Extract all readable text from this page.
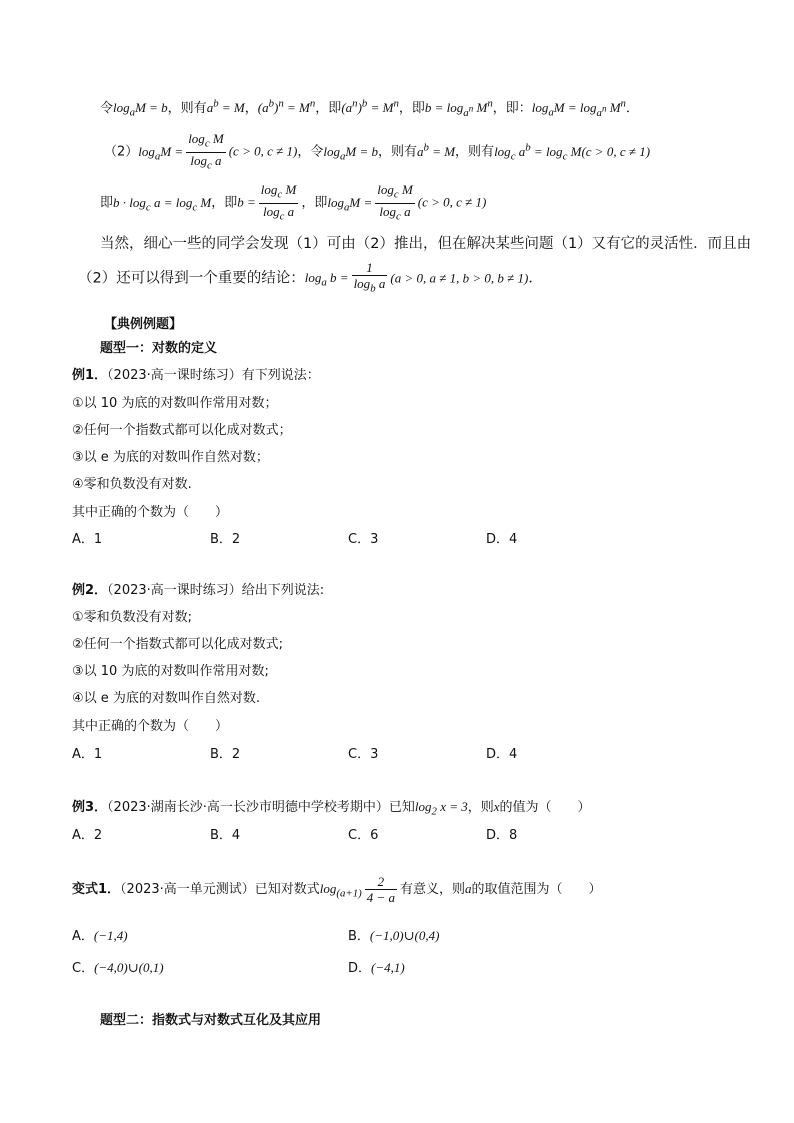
令$\log_aM = b$，则有$a^b = M$，$(a^b)^n = M^n$，即$(a^n)^b = M^n$，即$b = \log_{a^n} M^n$，即：$\log_aM = \log_{a^n} M^n$．
$(2)\log_aM = \frac{\log_c M}{\log_c a} (c > 0$, c ≠ 1)，令$\log_aM = b$，则有$a^b = M$，则有$\log_c a^b = \log_c M(c > 0$, c ≠ 1)
即$b \cdot \log_c a = \log_c M$，即$b = \frac{\log_c M}{\log_c a}$ ，即$\log_aM = \frac{\log_c M}{\log_c a} (c > 0$, c ≠ 1)
当然，细心一些的同学会发现（1）可由（2）推出，但在解决某些问题（1）又有它的灵活性．而且由
（2）还可以得到一个重要的结论：$\log_a b = \frac{1}{\log_b a} (a > 0$, a ≠ 1, b > 0, b ≠ 1)．
【典例例题】
题型一：对数的定义
例1．（2023·高一课时练习）有下列说法：
①以 10 为底的对数叫作常用对数；
②任何一个指数式都可以化成对数式；
③以 e 为底的对数叫作自然对数；
④零和负数没有对数.
其中正确的个数为（　　）
A．1	B．2	C．3	D．4
例2．（2023·高一课时练习）给出下列说法:
①零和负数没有对数;
②任何一个指数式都可以化成对数式;
③以 10 为底的对数叫作常用对数;
④以 e 为底的对数叫作自然对数.
其中正确的个数为（　　）
A．1	B．2	C．3	D．4
例3．（2023·湖南长沙·高一长沙市明德中学校考期中）已知$\log_2 x = 3$，则x的值为（　　）
A．2	B．4	C．6	D．8
变式1．（2023·高一单元测试）已知对数式$\log_{(a+1)} \frac{2}{4 - a}$ 有意义，则a的取值范围为（　　）
A．(−1,4)	B．(−1,0)∪(0,4)
C．(−4,0)∪(0,1)	D．(−4,1)
题型二：指数式与对数式互化及其应用
